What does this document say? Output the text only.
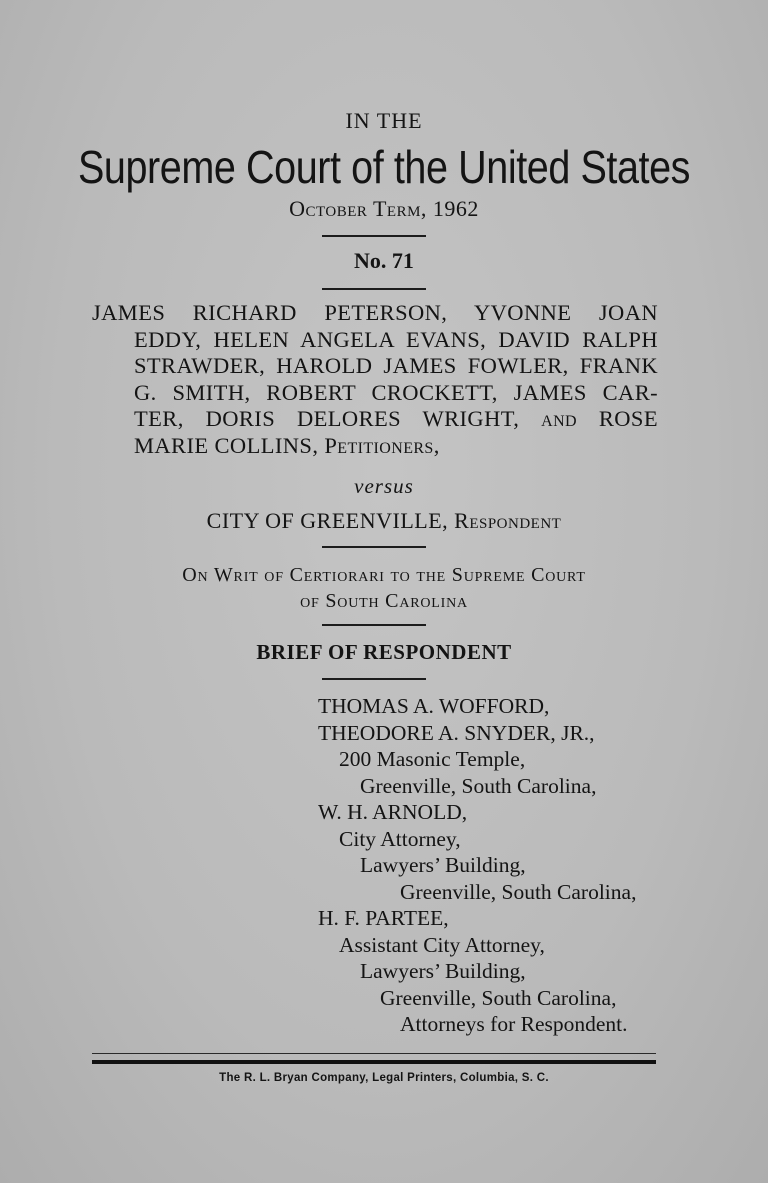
IN THE
Supreme Court of the United States
October Term, 1962
No. 71
JAMES RICHARD PETERSON, YVONNE JOAN
EDDY, HELEN ANGELA EVANS, DAVID RALPH
STRAWDER, HAROLD JAMES FOWLER, FRANK
G. SMITH, ROBERT CROCKETT, JAMES CAR-
TER, DORIS DELORES WRIGHT, and ROSE
MARIE COLLINS, Petitioners,
versus
CITY OF GREENVILLE, Respondent
On Writ of Certiorari to the Supreme Court
of South Carolina
BRIEF OF RESPONDENT
THOMAS A. WOFFORD,
THEODORE A. SNYDER, JR.,
200 Masonic Temple,
Greenville, South Carolina,
W. H. ARNOLD,
City Attorney,
Lawyers’ Building,
Greenville, South Carolina,
H. F. PARTEE,
Assistant City Attorney,
Lawyers’ Building,
Greenville, South Carolina,
Attorneys for Respondent.
The R. L. Bryan Company, Legal Printers, Columbia, S. C.
